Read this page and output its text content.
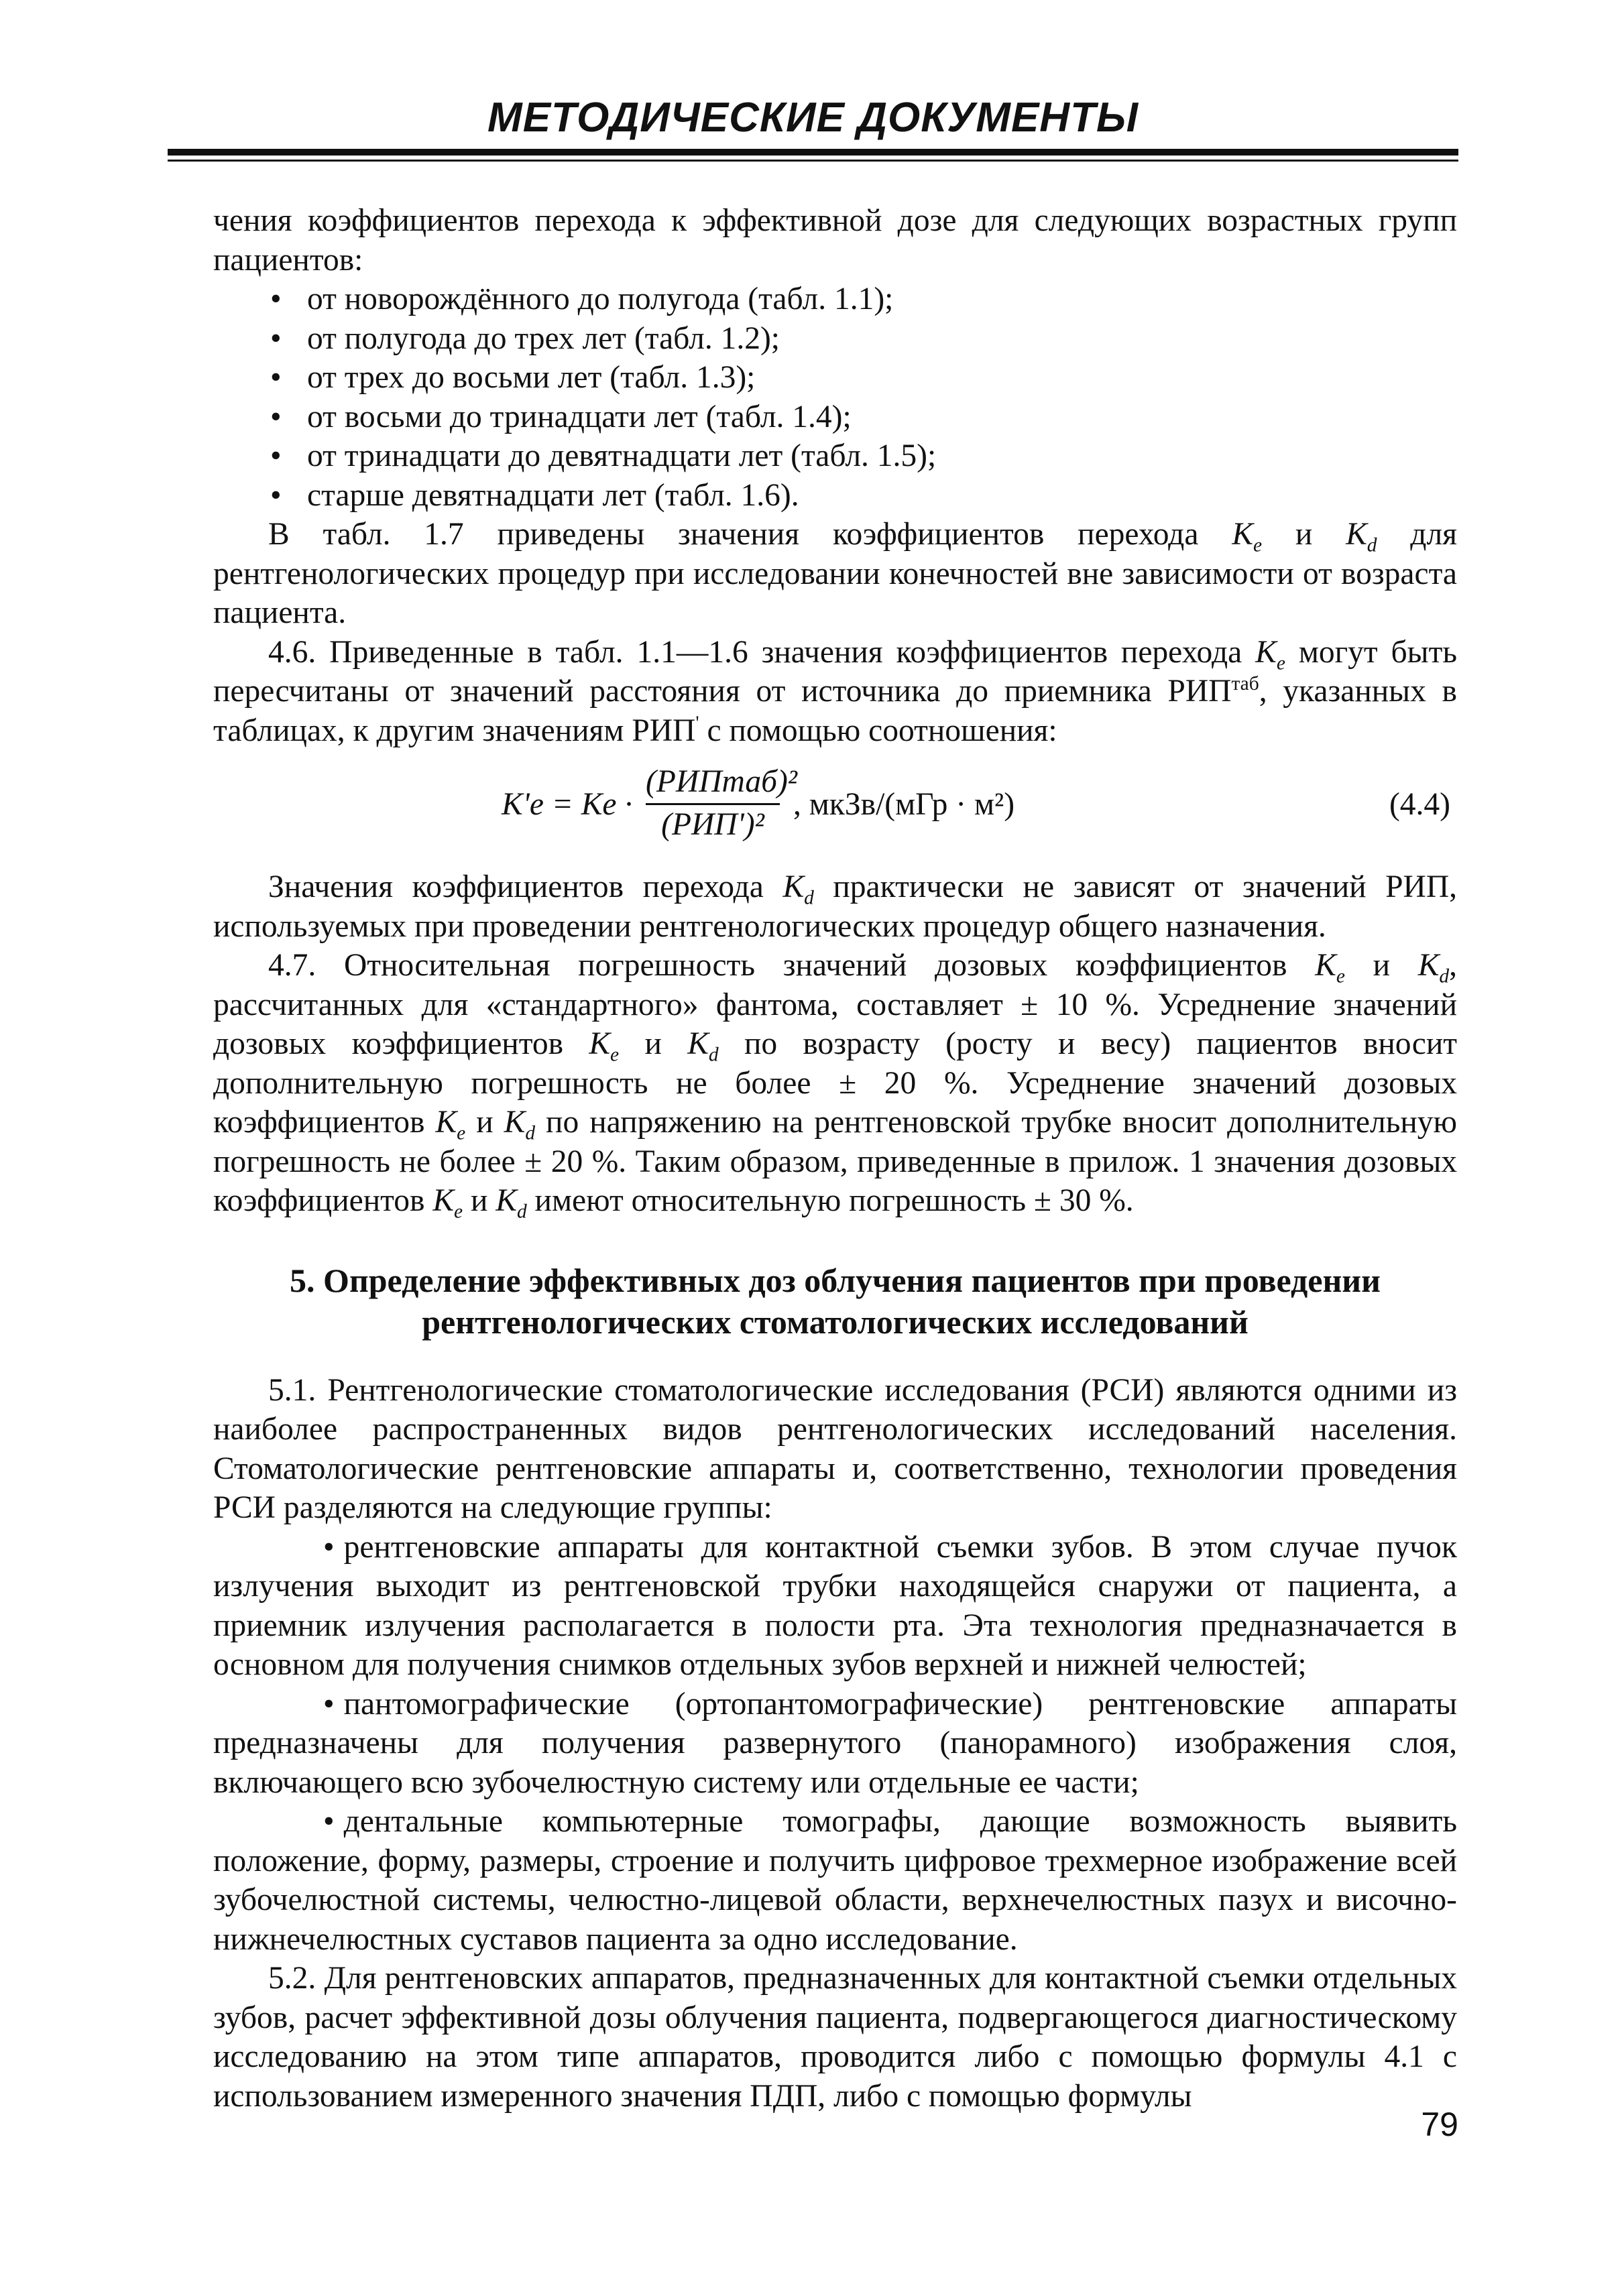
МЕТОДИЧЕСКИЕ ДОКУМЕНТЫ

чения коэффициентов перехода к эффективной дозе для следующих возрастных групп пациентов:

• от новорождённого до полугода (табл. 1.1);
• от полугода до трех лет (табл. 1.2);
• от трех до восьми лет (табл. 1.3);
• от восьми до тринадцати лет (табл. 1.4);
• от тринадцати до девятнадцати лет (табл. 1.5);
• старше девятнадцати лет (табл. 1.6).

В табл. 1.7 приведены значения коэффициентов перехода $K_e$ и $K_d$ для рентгенологических процедур при исследовании конечностей вне зависимости от возраста пациента.

4.6. Приведенные в табл. 1.1—1.6 значения коэффициентов перехода $K_e$ могут быть пересчитаны от значений расстояния от источника до приемника $РИП^{таб}$, указанных в таблицах, к другим значениям РИП' с помощью соотношения:

K'e = Ke ·
(РИПтаб)²
(РИП')²
, мкЗв/(мГр · м²)	(4.4)

Значения коэффициентов перехода $K_d$ практически не зависят от значений РИП, используемых при проведении рентгенологических процедур общего назначения.

4.7. Относительная погрешность значений дозовых коэффициентов $K_e$ и $K_d$, рассчитанных для «стандартного» фантома, составляет ± 10 %. Усреднение значений дозовых коэффициентов $K_e$ и $K_d$ по возрасту (росту и весу) пациентов вносит дополнительную погрешность не более ± 20 %. Усреднение значений дозовых коэффициентов $K_e$ и $K_d$ по напряжению на рентгеновской трубке вносит дополнительную погрешность не более ± 20 %. Таким образом, приведенные в прилож. 1 значения дозовых коэффициентов $K_e$ и $K_d$ имеют относительную погрешность ± 30 %.

5. Определение эффективных доз облучения пациентов при проведении
рентгенологических стоматологических исследований

5.1. Рентгенологические стоматологические исследования (РСИ) являются одними из наиболее распространенных видов рентгенологических исследований населения. Стоматологические рентгеновские аппараты и, соответственно, технологии проведения РСИ разделяются на следующие группы:

• рентгеновские аппараты для контактной съемки зубов. В этом случае пучок излучения выходит из рентгеновской трубки находящейся снаружи от пациента, а приемник излучения располагается в полости рта. Эта технология предназначается в основном для получения снимков отдельных зубов верхней и нижней челюстей;

• пантомографические (ортопантомографические) рентгеновские аппараты предназначены для получения развернутого (панорамного) изображения слоя, включающего всю зубочелюстную систему или отдельные ее части;

• дентальные компьютерные томографы, дающие возможность выявить положение, форму, размеры, строение и получить цифровое трехмерное изображение всей зубочелюстной системы, челюстно-лицевой области, верхнечелюстных пазух и височно-нижнечелюстных суставов пациента за одно исследование.

5.2. Для рентгеновских аппаратов, предназначенных для контактной съемки отдельных зубов, расчет эффективной дозы облучения пациента, подвергающегося диагностическому исследованию на этом типе аппаратов, проводится либо с помощью формулы 4.1 с использованием измеренного значения ПДП, либо с помощью формулы

79
